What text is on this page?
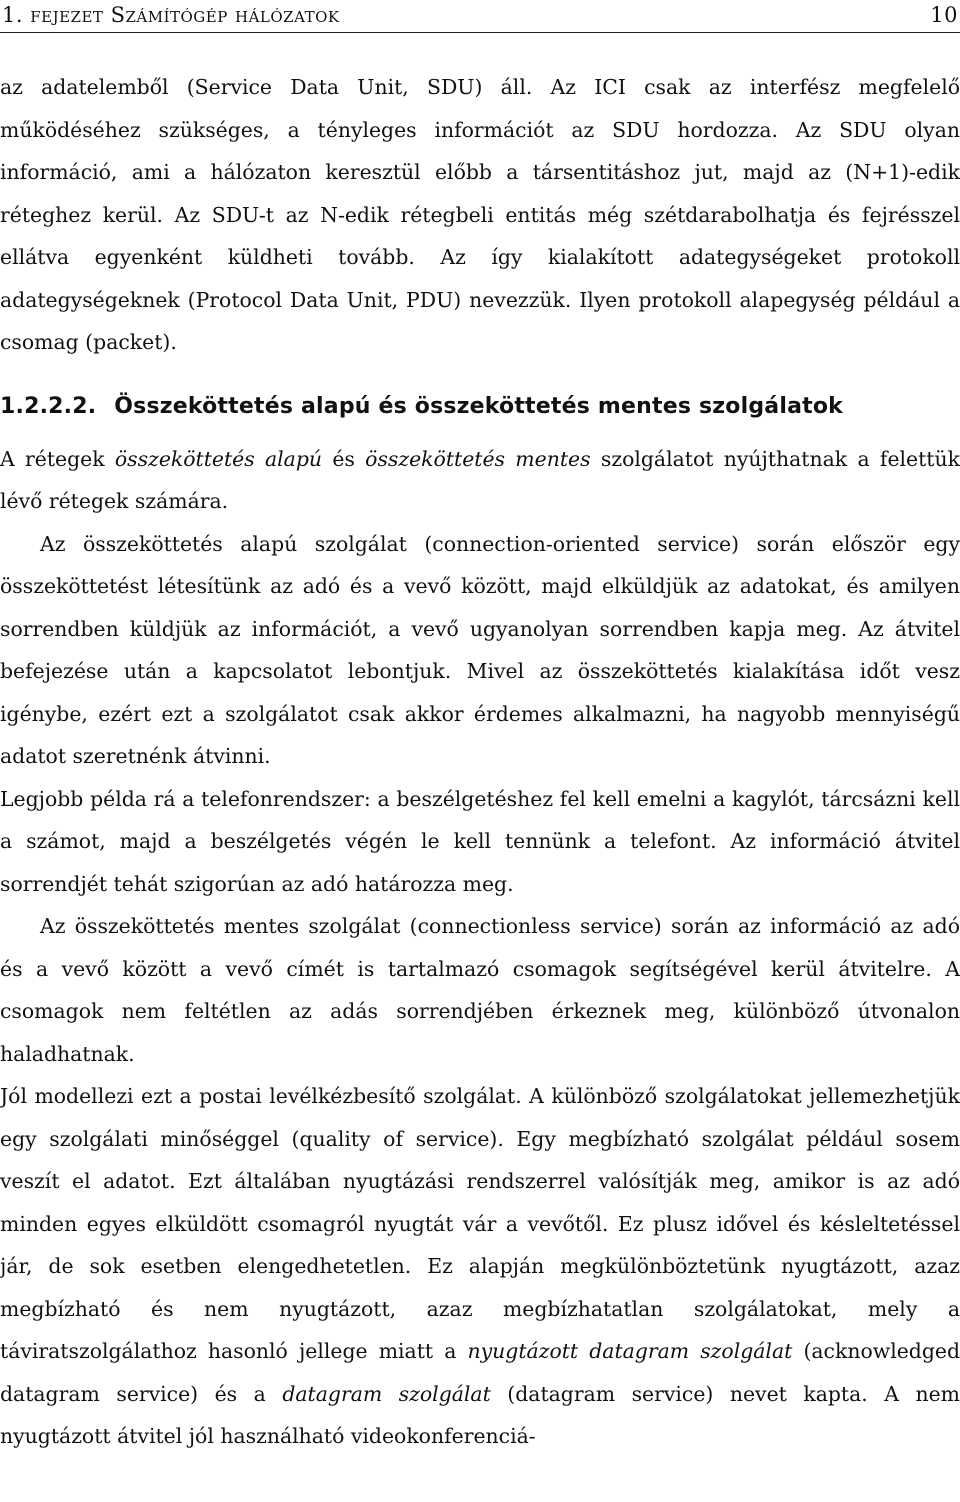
1. fejezet Számítógép hálózatok	10

az adatelemből (Service Data Unit, SDU) áll. Az ICI csak az interfész megfelelő működéséhez szükséges, a tényleges információt az SDU hordozza. Az SDU olyan információ, ami a hálózaton keresztül előbb a társentitáshoz jut, majd az (N+1)-edik réteghez kerül. Az SDU-t az N-edik rétegbeli entitás még szétdarabolhatja és fejrésszel ellátva egyenként küldheti tovább. Az így kialakított adategységeket protokoll adategységeknek (Protocol Data Unit, PDU) nevezzük. Ilyen protokoll alapegység például a csomag (packet).

1.2.2.2. Összeköttetés alapú és összeköttetés mentes szolgálatok

A rétegek összeköttetés alapú és összeköttetés mentes szolgálatot nyújthatnak a felettük lévő rétegek számára.

Az összeköttetés alapú szolgálat (connection-oriented service) során először egy összeköttetést létesítünk az adó és a vevő között, majd elküldjük az adatokat, és amilyen sorrendben küldjük az információt, a vevő ugyanolyan sorrendben kapja meg. Az átvitel befejezése után a kapcsolatot lebontjuk. Mivel az összeköttetés kialakítása időt vesz igénybe, ezért ezt a szolgálatot csak akkor érdemes alkalmazni, ha nagyobb mennyiségű adatot szeretnénk átvinni.

Legjobb példa rá a telefonrendszer: a beszélgetéshez fel kell emelni a kagylót, tárcsázni kell a számot, majd a beszélgetés végén le kell tennünk a telefont. Az információ átvitel sorrendjét tehát szigorúan az adó határozza meg.

Az összeköttetés mentes szolgálat (connectionless service) során az információ az adó és a vevő között a vevő címét is tartalmazó csomagok segítségével kerül átvitelre. A csomagok nem feltétlen az adás sorrendjében érkeznek meg, különböző útvonalon haladhatnak.

Jól modellezi ezt a postai levélkézbesítő szolgálat. A különböző szolgálatokat jellemezhetjük egy szolgálati minőséggel (quality of service). Egy megbízható szolgálat például sosem veszít el adatot. Ezt általában nyugtázási rendszerrel valósítják meg, amikor is az adó minden egyes elküldött csomagról nyugtát vár a vevőtől. Ez plusz idővel és késleltetéssel jár, de sok esetben elengedhetetlen. Ez alapján megkülönböztetünk nyugtázott, azaz megbízható és nem nyugtázott, azaz megbízhatatlan szolgálatokat, mely a táviratszolgálathoz hasonló jellege miatt a nyugtázott datagram szolgálat (acknowledged datagram service) és a datagram szolgálat (datagram service) nevet kapta. A nem nyugtázott átvitel jól használható videokonferenciá-
